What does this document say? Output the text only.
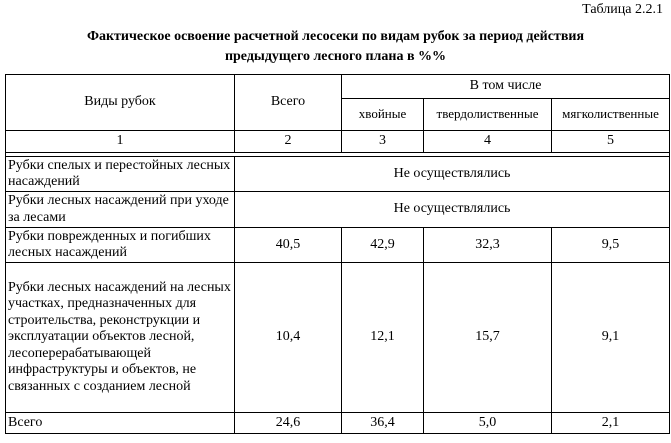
Таблица 2.2.1
Фактическое освоение расчетной лесосеки по видам рубок за период действия
предыдущего лесного плана в %%
Виды рубок	Всего	В том числе		
		хвойные	твердолиственные	мягколиственные
1	2	3	4	5

Рубки спелых и перестойных лесных насаждений	Не осуществлялись			
Рубки лесных насаждений при уходе за лесами	Не осуществлялись			
Рубки поврежденных и погибших лесных насаждений	40,5	42,9	32,3	9,5
Рубки лесных насаждений на лесных участках, предназначенных для строительства, реконструкции и эксплуатации объектов лесной, лесоперерабатывающей инфраструктуры и объектов, не связанных с созданием лесной	10,4	12,1	15,7	9,1
Всего	24,6	36,4	5,0	2,1
